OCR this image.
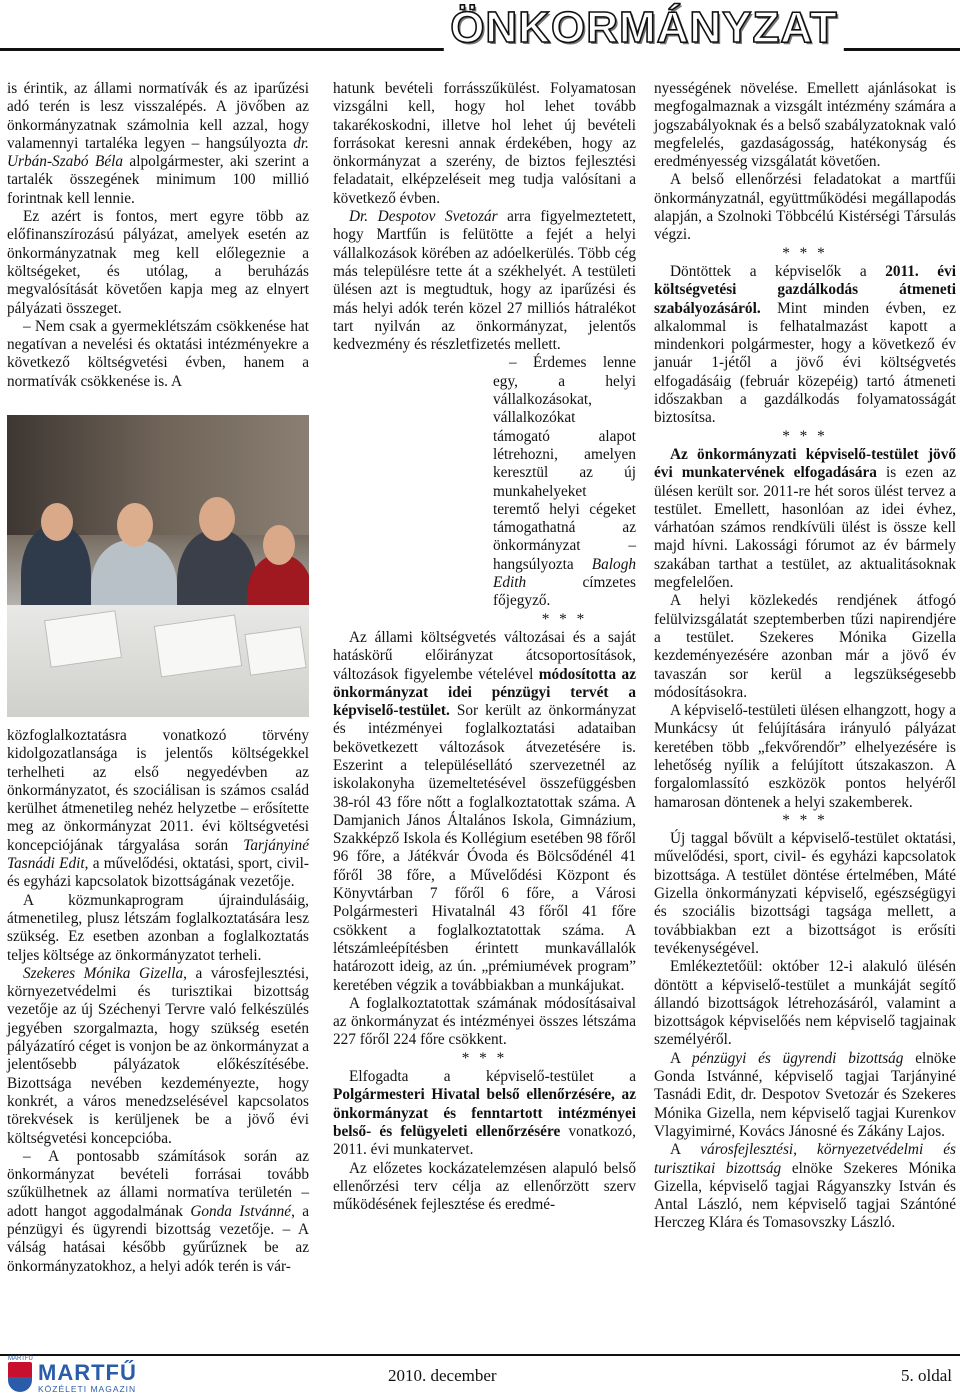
ÖNKORMÁNYZAT

is érintik, az állami normatívák és az iparűzési adó terén is lesz visszalépés. A jövőben az önkormányzatnak számolnia kell azzal, hogy valamennyi tartaléka legyen – hangsúlyozta dr. Urbán-Szabó Béla alpolgármester, aki szerint a tartalék összegének minimum 100 millió forintnak kell lennie.

Ez azért is fontos, mert egyre több az előfinanszírozású pályázat, amelyek esetén az önkormányzatnak meg kell előlegeznie a költségeket, és utólag, a beruházás megvalósítását követően kapja meg az elnyert pályázati összeget.

– Nem csak a gyermeklétszám csökkenése hat negatívan a nevelési és oktatási intézményekre a következő költségvetési évben, hanem a normatívák csökkenése is. A

közfoglalkoztatásra vonatkozó törvény kidolgozatlansága is jelentős költségekkel terhelheti az első negyedévben az önkormányzatot, és szociálisan is számos család kerülhet átmenetileg nehéz helyzetbe – erősítette meg az önkormányzat 2011. évi költségvetési koncepciójának tárgyalása során Tarjányiné Tasnádi Edit, a művelődési, oktatási, sport, civil- és egyházi kapcsolatok bizottságának vezetője.

A közmunkaprogram újraindulásáig, átmenetileg, plusz létszám foglalkoztatására lesz szükség. Ez esetben azonban a foglalkoztatás teljes költsége az önkormányzatot terheli.

Szekeres Mónika Gizella, a városfejlesztési, környezetvédelmi és turisztikai bizottság vezetője az új Széchenyi Tervre való felkészülés jegyében szorgalmazta, hogy szükség esetén pályázatíró céget is vonjon be az önkormányzat a jelentősebb pályázatok előkészítésébe. Bizottsága nevében kezdeményezte, hogy konkrét, a város menedzselésével kapcsolatos törekvések is kerüljenek be a jövő évi költségvetési koncepcióba.

– A pontosabb számítások során az önkormányzat bevételi forrásai tovább szűkülhetnek az állami normatíva területén – adott hangot aggodalmának Gonda Istvánné, a pénzügyi és ügyrendi bizottság vezetője. – A válság hatásai később gyűrűznek be az önkormányzatokhoz, a helyi adók terén is vár-

hatunk bevételi forrásszűkülést. Folyamatosan vizsgálni kell, hogy hol lehet tovább takarékoskodni, illetve hol lehet új bevételi forrásokat keresni annak érdekében, hogy az önkormányzat a szerény, de biztos fejlesztési feladatait, elképzeléseit meg tudja valósítani a következő évben.

Dr. Despotov Svetozár arra figyelmeztetett, hogy Martfűn is felütötte a fejét a helyi vállalkozások körében az adóelkerülés. Több cég más településre tette át a székhelyét. A testületi ülésen azt is megtudtuk, hogy az iparűzési és más helyi adók terén közel 27 milliós hátralékot tart nyilván az önkormányzat, jelentős kedvezmény és részletfizetés mellett.

– Érdemes lenne egy, a helyi vállalkozásokat, vállalkozókat támogató alapot létrehozni, amelyen keresztül az új munkahelyeket teremtő helyi cégeket támogathatná az önkormányzat – hangsúlyozta Balogh Edith címzetes főjegyző.

* * *

Az állami költségvetés változásai és a saját hatáskörű előirányzat átcsoportosítások, változások figyelembe vételével módosította az önkormányzat idei pénzügyi tervét a képviselő-testület. Sor került az önkormányzat és intézményei foglalkoztatási adataiban bekövetkezett változások átvezetésére is. Eszerint a településellátó szervezetnél az iskolakonyha üzemeltetésével összefüggésben 38-ról 43 főre nőtt a foglalkoztatottak száma. A Damjanich János Általános Iskola, Gimnázium, Szakképző Iskola és Kollégium esetében 98 főről 96 főre, a Játékvár Óvoda és Bölcsődénél 41 főről 38 főre, a Művelődési Központ és Könyvtárban 7 főről 6 főre, a Városi Polgármesteri Hivatalnál 43 főről 41 főre csökkent a foglalkoztatottak száma. A létszámleépítésben érintett munkavállalók határozott ideig, az ún. „prémiumévek program” keretében végzik a továbbiakban a munkájukat.

A foglalkoztatottak számának módosításaival az önkormányzat és intézményei összes létszáma 227 főről 224 főre csökkent.

* * *

Elfogadta a képviselő-testület a Polgármesteri Hivatal belső ellenőrzésére, az önkormányzat és fenntartott intézményei belső- és felügyeleti ellenőrzésére vonatkozó, 2011. évi munkatervet.

Az előzetes kockázatelemzésen alapuló belső ellenőrzési terv célja az ellenőrzött szerv működésének fejlesztése és eredmé-

nyességének növelése. Emellett ajánlásokat is megfogalmaznak a vizsgált intézmény számára a jogszabályoknak és a belső szabályzatoknak való megfelelés, gazdaságosság, hatékonyság és eredményesség vizsgálatát követően.

A belső ellenőrzési feladatokat a martfűi önkormányzatnál, együttműködési megállapodás alapján, a Szolnoki Többcélú Kistérségi Társulás végzi.

* * *

Döntöttek a képviselők a 2011. évi költségvetési gazdálkodás átmeneti szabályozásáról. Mint minden évben, ez alkalommal is felhatalmazást kapott a mindenkori polgármester, hogy a következő év január 1-jétől a jövő évi költségvetés elfogadásáig (február közepéig) tartó átmeneti időszakban a gazdálkodás folyamatosságát biztosítsa.

* * *

Az önkormányzati képviselő-testület jövő évi munkatervének elfogadására is ezen az ülésen került sor. 2011-re hét soros ülést tervez a testület. Emellett, hasonlóan az idei évhez, várhatóan számos rendkívüli ülést is össze kell majd hívni. Lakossági fórumot az év bármely szakában tarthat a testület, az aktualitásoknak megfelelően.

A helyi közlekedés rendjének átfogó felülvizsgálatát szeptemberben tűzi napirendjére a testület. Szekeres Mónika Gizella kezdeményezésére azonban már a jövő év tavaszán sor kerül a legszükségesebb módosításokra.

A képviselő-testületi ülésen elhangzott, hogy a Munkácsy út felújítására irányuló pályázat keretében több „fekvőrendőr” elhelyezésére is lehetőség nyílik a felújított útszakaszon. A forgalomlassító eszközök pontos helyéről hamarosan döntenek a helyi szakemberek.

* * *

Új taggal bővült a képviselő-testület oktatási, művelődési, sport, civil- és egyházi kapcsolatok bizottsága. A testület döntése értelmében, Máté Gizella önkormányzati képviselő, egészségügyi és szociális bizottsági tagsága mellett, a továbbiakban ezt a bizottságot is erősíti tevékenységével.

Emlékeztetőül: október 12-i alakuló ülésén döntött a képviselő-testület a munkáját segítő állandó bizottságok létrehozásáról, valamint a bizottságok képviselőés nem képviselő tagjainak személyéről.

A pénzügyi és ügyrendi bizottság elnöke Gonda Istvánné, képviselő tagjai Tarjányiné Tasnádi Edit, dr. Despotov Svetozár és Szekeres Mónika Gizella, nem képviselő tagjai Kurenkov Vlagyimirné, Kovács Jánosné és Zákány Lajos.

A városfejlesztési, környezetvédelmi és turisztikai bizottság elnöke Szekeres Mónika Gizella, képviselő tagjai Rágyanszky István és Antal László, nem képviselő tagjai Szántóné Herczeg Klára és Tomasovszky László.

MARTFŰ
MARTFŰ
KÖZÉLETI MAGAZIN
2010. december	5. oldal
